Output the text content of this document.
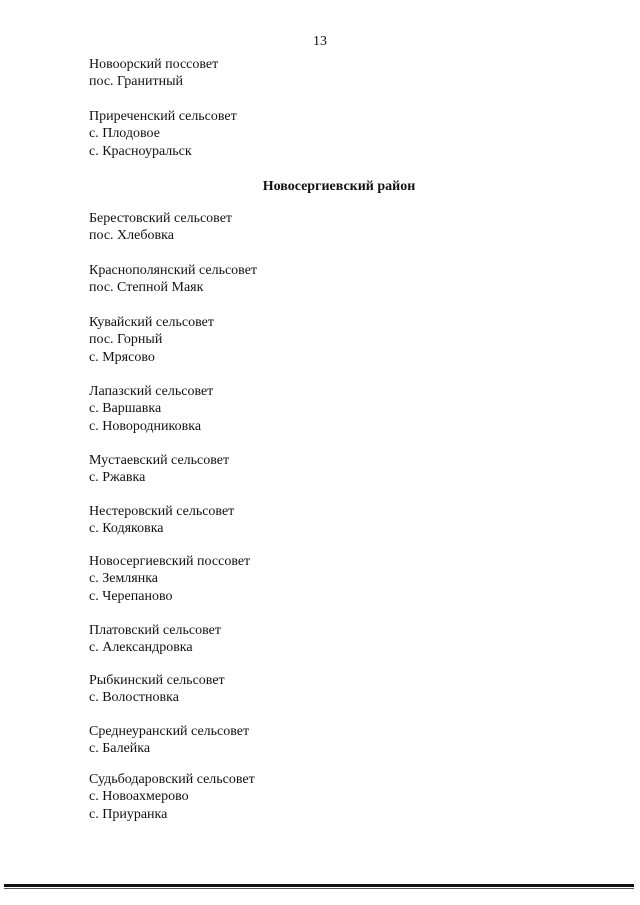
13
Новоорский поссовет
пос. Гранитный
Приреченский сельсовет
с. Плодовое
с. Красноуральск
Берестовский сельсовет
пос. Хлебовка
Краснополянский сельсовет
пос. Степной Маяк
Кувайский сельсовет
пос. Горный
с. Мрясово
Лапазский сельсовет
с. Варшавка
с. Новородниковка
Мустаевский сельсовет
с. Ржавка
Нестеровский сельсовет
с. Кодяковка
Новосергиевский поссовет
с. Землянка
с. Черепаново
Платовский сельсовет
с. Александровка
Рыбкинский сельсовет
с. Волостновка
Среднеуранский сельсовет
с. Балейка
Судьбодаровский сельсовет
с. Новоахмерово
с. Приуранка
Новосергиевский район
